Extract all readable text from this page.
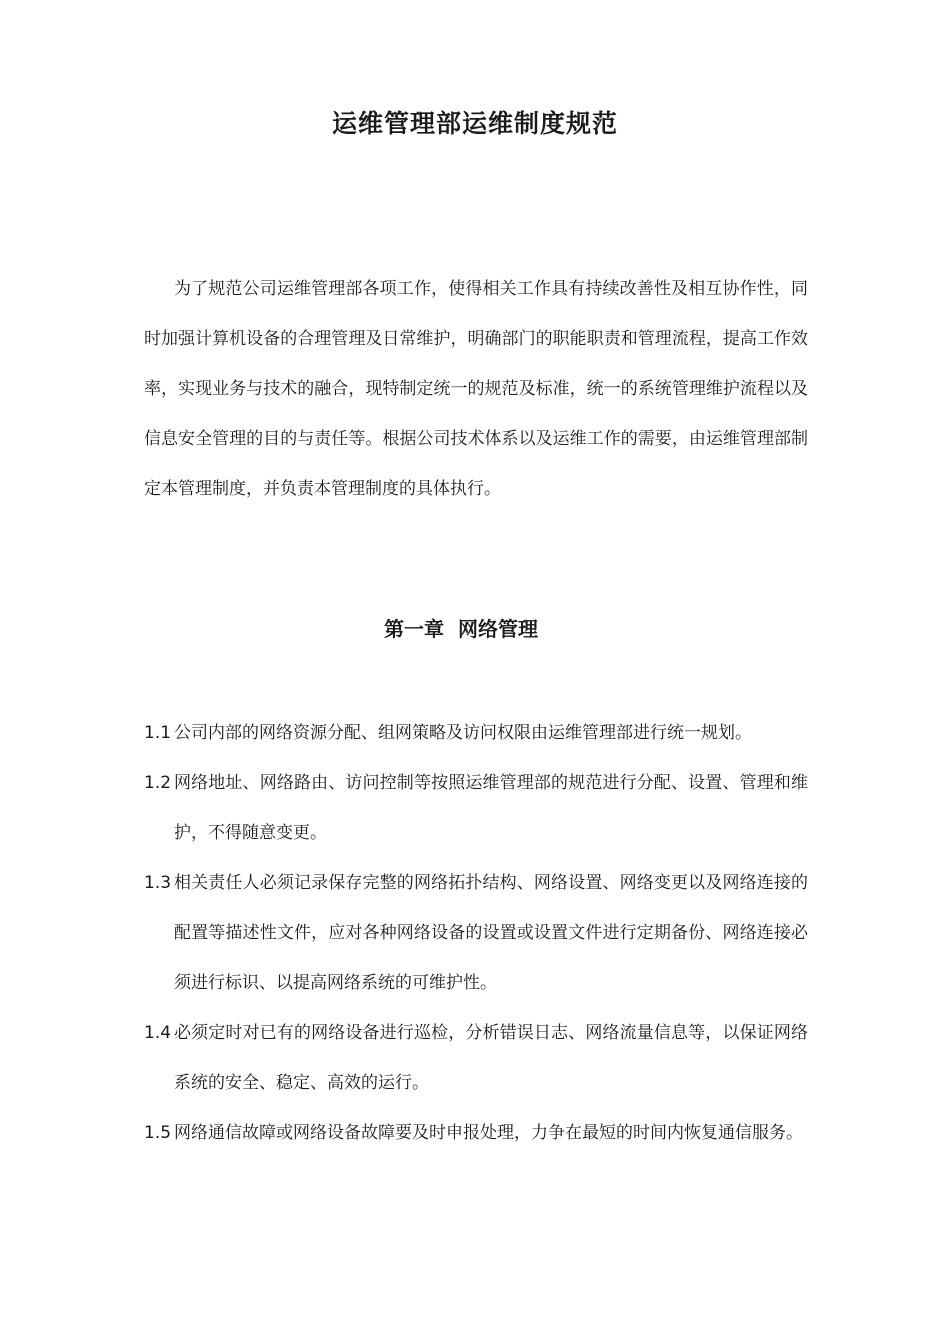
运维管理部运维制度规范

为了规范公司运维管理部各项工作，使得相关工作具有持续改善性及相互协作性，同时加强计算机设备的合理管理及日常维护，明确部门的职能职责和管理流程，提高工作效率，实现业务与技术的融合，现特制定统一的规范及标准，统一的系统管理维护流程以及信息安全管理的目的与责任等。根据公司技术体系以及运维工作的需要，由运维管理部制定本管理制度，并负责本管理制度的具体执行。

第一章 网络管理
1.1 公司内部的网络资源分配、组网策略及访问权限由运维管理部进行统一规划。
1.2 网络地址、网络路由、访问控制等按照运维管理部的规范进行分配、设置、管理和维护，不得随意变更。
1.3 相关责任人必须记录保存完整的网络拓扑结构、网络设置、网络变更以及网络连接的配置等描述性文件，应对各种网络设备的设置或设置文件进行定期备份、网络连接必须进行标识、以提高网络系统的可维护性。
1.4 必须定时对已有的网络设备进行巡检，分析错误日志、网络流量信息等，以保证网络系统的安全、稳定、高效的运行。
1.5 网络通信故障或网络设备故障要及时申报处理，力争在最短的时间内恢复通信服务。
